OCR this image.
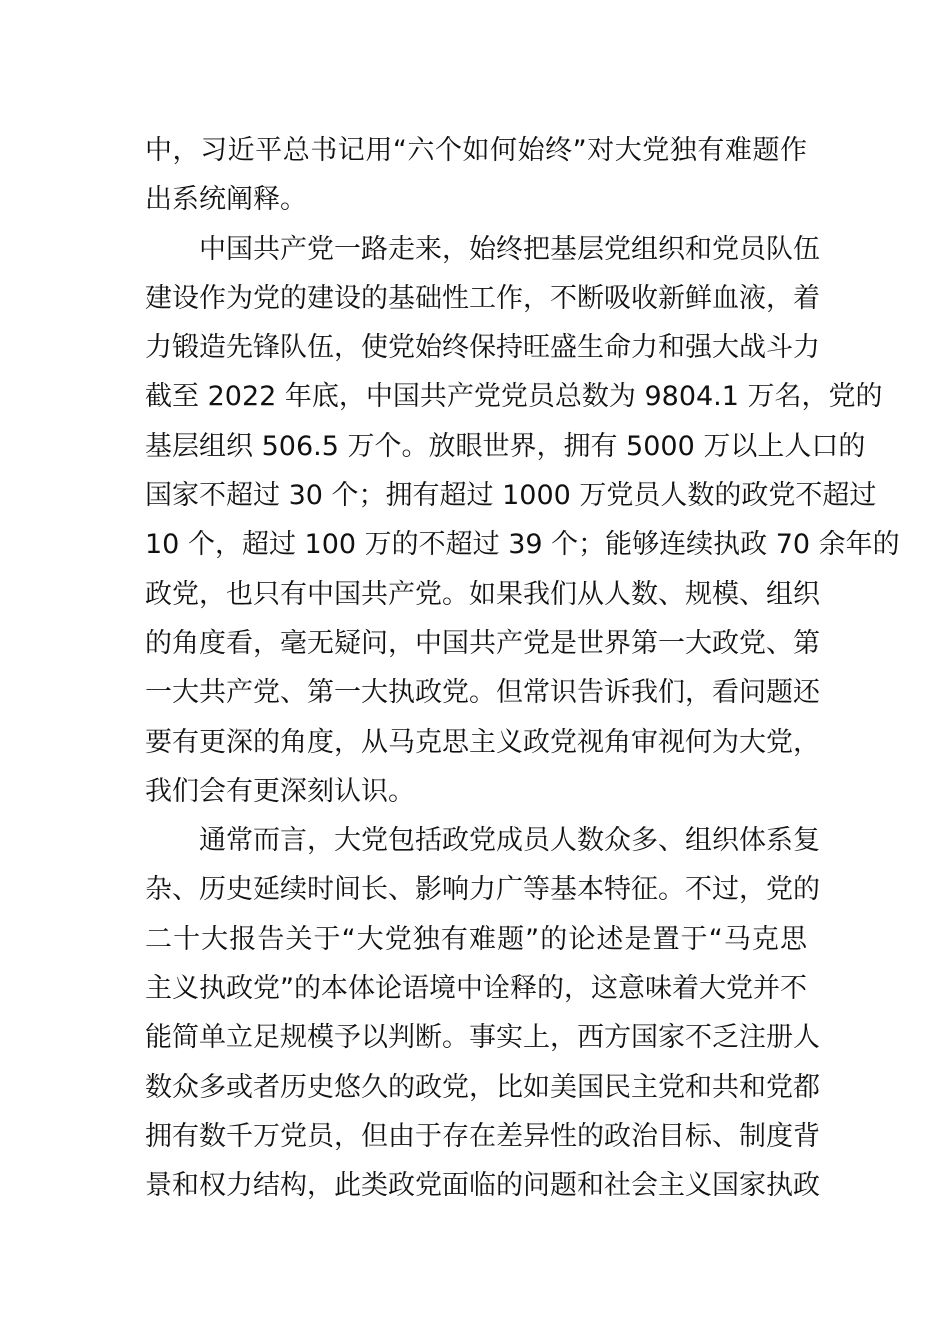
中，习近平总书记用“六个如何始终”对大党独有难题作
出系统阐释。

中国共产党一路走来，始终把基层党组织和党员队伍
建设作为党的建设的基础性工作，不断吸收新鲜血液，着
力锻造先锋队伍，使党始终保持旺盛生命力和强大战斗力
截至 2022 年底，中国共产党党员总数为 9804.1 万名，党的
基层组织 506.5 万个。放眼世界，拥有 5000 万以上人口的
国家不超过 30 个；拥有超过 1000 万党员人数的政党不超过
10 个，超过 100 万的不超过 39 个；能够连续执政 70 余年的
政党，也只有中国共产党。如果我们从人数、规模、组织
的角度看，毫无疑问，中国共产党是世界第一大政党、第
一大共产党、第一大执政党。但常识告诉我们，看问题还
要有更深的角度，从马克思主义政党视角审视何为大党，
我们会有更深刻认识。

通常而言，大党包括政党成员人数众多、组织体系复
杂、历史延续时间长、影响力广等基本特征。不过，党的
二十大报告关于“大党独有难题”的论述是置于“马克思
主义执政党”的本体论语境中诠释的，这意味着大党并不
能简单立足规模予以判断。事实上，西方国家不乏注册人
数众多或者历史悠久的政党，比如美国民主党和共和党都
拥有数千万党员，但由于存在差异性的政治目标、制度背
景和权力结构，此类政党面临的问题和社会主义国家执政
